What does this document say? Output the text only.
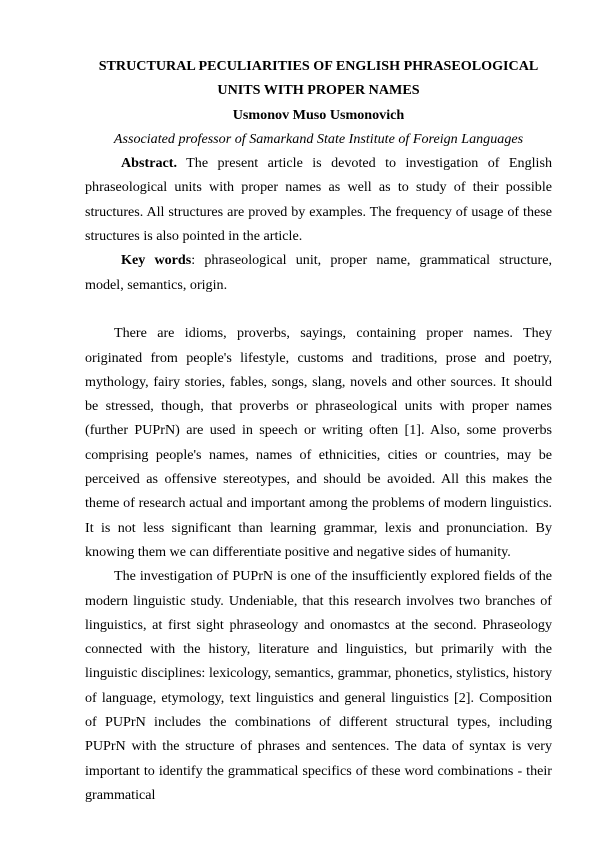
STRUCTURAL PECULIARITIES OF ENGLISH PHRASEOLOGICAL
UNITS WITH PROPER NAMES

Usmonov Muso Usmonovich

Associated professor of Samarkand State Institute of Foreign Languages

Abstract. The present article is devoted to investigation of English phraseological units with proper names as well as to study of their possible structures. All structures are proved by examples. The frequency of usage of these structures is also pointed in the article.

Key words: phraseological unit, proper name, grammatical structure, model, semantics, origin.

There are idioms, proverbs, sayings, containing proper names. They originated from people's lifestyle, customs and traditions, prose and poetry, mythology, fairy stories, fables, songs, slang, novels and other sources. It should be stressed, though, that proverbs or phraseological units with proper names (further PUPrN) are used in speech or writing often [1]. Also, some proverbs comprising people's names, names of ethnicities, cities or countries, may be perceived as offensive stereotypes, and should be avoided. All this makes the theme of research actual and important among the problems of modern linguistics. It is not less significant than learning grammar, lexis and pronunciation. By knowing them we can differentiate positive and negative sides of humanity.

The investigation of PUPrN is one of the insufficiently explored fields of the modern linguistic study. Undeniable, that this research involves two branches of linguistics, at first sight phraseology and onomastcs at the second. Phraseology connected with the history, literature and linguistics, but primarily with the linguistic disciplines: lexicology, semantics, grammar, phonetics, stylistics, history of language, etymology, text linguistics and general linguistics [2]. Composition of PUPrN includes the combinations of different structural types, including PUPrN with the structure of phrases and sentences. The data of syntax is very important to identify the grammatical specifics of these word combinations - their grammatical
